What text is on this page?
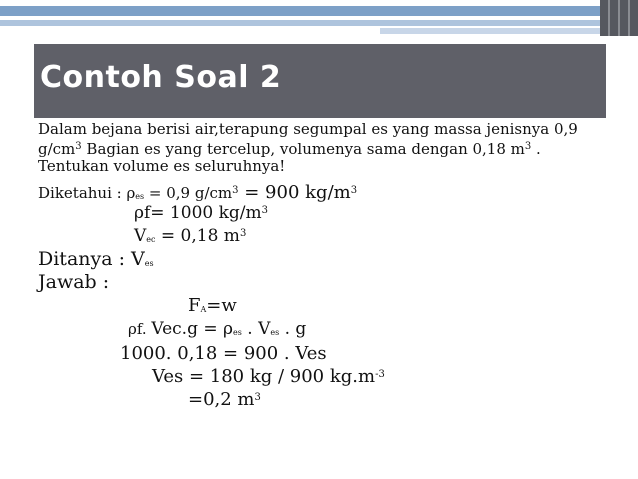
Contoh Soal 2
Dalam bejana berisi air,terapung segumpal es yang massa jenisnya 0,9 $g/cm^3$ Bagian es yang tercelup, volumenya sama dengan 0,18 $m^3$ . Tentukan volume es seluruhnya!
Diketahui : ρes = 0,9 $g/cm^3 = 900$ $kg/m^3$
ρf= 1000 $kg/m^3$
Vec = 0,18 $m^3$
Ditanya : Ves
Jawab :
FA=w
ρf. Vec.g = ρes . Ves . g
1000. 0,18 = 900 . Ves
Ves = 180 kg / 900 $kg.m^{-3}$
=0,2 $m^3$
